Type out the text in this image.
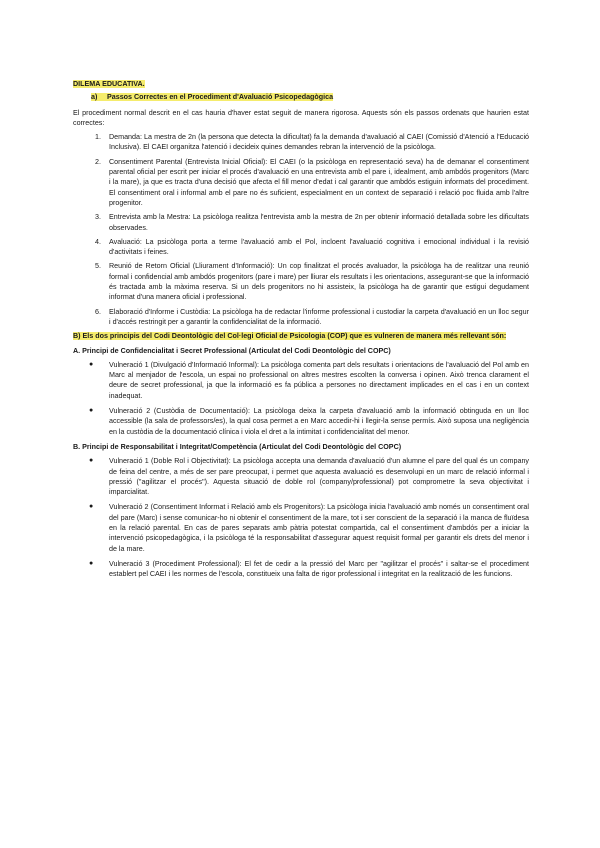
DILEMA EDUCATIVA.
a) Passos Correctes en el Procediment d'Avaluació Psicopedagògica

El procediment normal descrit en el cas hauria d'haver estat seguit de manera rigorosa. Aquests són els passos ordenats que haurien estat correctes:

1. Demanda: La mestra de 2n (la persona que detecta la dificultat) fa la demanda d'avaluació al CAEI (Comissió d'Atenció a l'Educació Inclusiva). El CAEI organitza l'atenció i decideix quines demandes rebran la intervenció de la psicòloga.
2. Consentiment Parental (Entrevista Inicial Oficial): El CAEI (o la psicòloga en representació seva) ha de demanar el consentiment parental oficial per escrit per iniciar el procés d'avaluació en una entrevista amb el pare i, idealment, amb ambdós progenitors (Marc i la mare), ja que es tracta d'una decisió que afecta el fill menor d'edat i cal garantir que ambdós estiguin informats del procediment. El consentiment oral i informal amb el pare no és suficient, especialment en un context de separació i relació poc fluida amb l'altre progenitor.
3. Entrevista amb la Mestra: La psicòloga realitza l'entrevista amb la mestra de 2n per obtenir informació detallada sobre les dificultats observades.
4. Avaluació: La psicòloga porta a terme l'avaluació amb el Pol, incloent l'avaluació cognitiva i emocional individual i la revisió d'activitats i feines.
5. Reunió de Retorn Oficial (Lliurament d'Informació): Un cop finalitzat el procés avaluador, la psicòloga ha de realitzar una reunió formal i confidencial amb ambdós progenitors (pare i mare) per lliurar els resultats i les orientacions, assegurant-se que la informació és tractada amb la màxima reserva. Si un dels progenitors no hi assisteix, la psicòloga ha de garantir que estigui degudament informat d'una manera oficial i professional.
6. Elaboració d'Informe i Custòdia: La psicòloga ha de redactar l'informe professional i custodiar la carpeta d'avaluació en un lloc segur i d'accés restringit per a garantir la confidencialitat de la informació.
B) Els dos principis del Codi Deontològic del Col·legi Oficial de Psicologia (COP) que es vulneren de manera més rellevant són:
A. Principi de Confidencialitat i Secret Professional (Articulat del Codi Deontològic del COPC)
● Vulneració 1 (Divulgació d'Informació Informal): La psicòloga comenta part dels resultats i orientacions de l'avaluació del Pol amb en Marc al menjador de l'escola, un espai no professional on altres mestres escolten la conversa i opinen. Això trenca clarament el deure de secret professional, ja que la informació es fa pública a persones no directament implicades en el cas i en un context inadequat.
● Vulneració 2 (Custòdia de Documentació): La psicòloga deixa la carpeta d'avaluació amb la informació obtinguda en un lloc accessible (la sala de professors/es), la qual cosa permet a en Marc accedir-hi i llegir-la sense permís. Això suposa una negligència en la custòdia de la documentació clínica i viola el dret a la intimitat i confidencialitat del menor.
B. Principi de Responsabilitat i Integritat/Competència (Articulat del Codi Deontològic del COPC)
● Vulneració 1 (Doble Rol i Objectivitat): La psicòloga accepta una demanda d'avaluació d'un alumne el pare del qual és un company de feina del centre, a més de ser pare preocupat, i permet que aquesta avaluació es desenvolupi en un marc de relació informal i pressió ("agilitzar el procés"). Aquesta situació de doble rol (company/professional) pot comprometre la seva objectivitat i imparcialitat.
● Vulneració 2 (Consentiment Informat i Relació amb els Progenitors): La psicòloga inicia l'avaluació amb només un consentiment oral del pare (Marc) i sense comunicar-ho ni obtenir el consentiment de la mare, tot i ser conscient de la separació i la manca de fluïdesa en la relació parental. En cas de pares separats amb pàtria potestat compartida, cal el consentiment d'ambdós per a iniciar la intervenció psicopedagògica, i la psicòloga té la responsabilitat d'assegurar aquest requisit formal per garantir els drets del menor i de la mare.
● Vulneració 3 (Procediment Professional): El fet de cedir a la pressió del Marc per "agilitzar el procés" i saltar-se el procediment establert pel CAEI i les normes de l'escola, constitueix una falta de rigor professional i integritat en la realització de les funcions.
